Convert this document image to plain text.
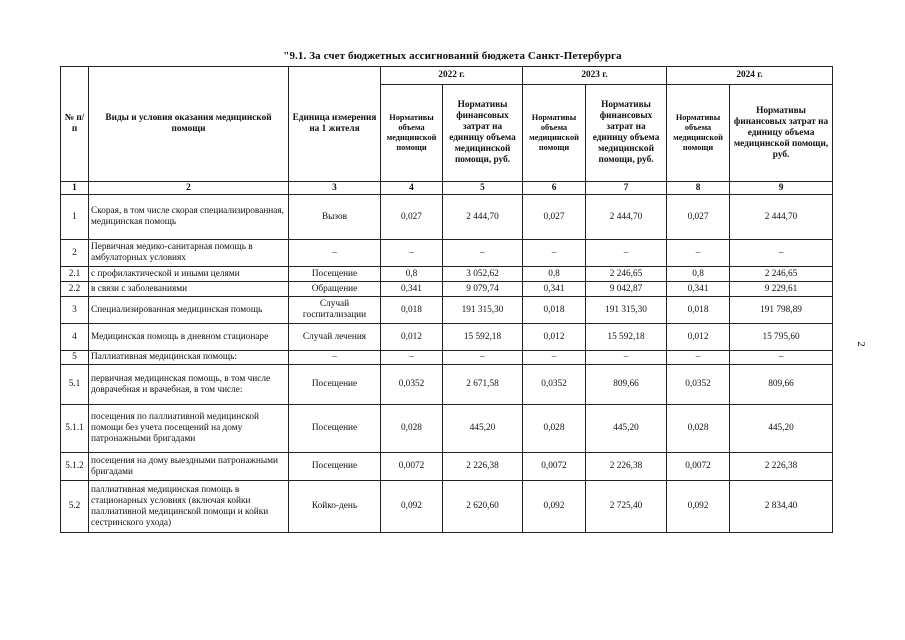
"9.1. За счет бюджетных ассигнований бюджета Санкт-Петербурга
2
№ п/п	Виды и условия оказания медицинской помощи	Единица измерения на 1 жителя	2022 г.		2023 г.		2024 г.	
			Нормативы объема медицинской помощи	Нормативы финансовых затрат на единицу объема медицинской помощи, руб.	Нормативы объема медицинской помощи	Нормативы финансовых затрат на единицу объема медицинской помощи, руб.	Нормативы объема медицинской помощи	Нормативы финансовых затрат на единицу объема медицинской помощи, руб.
1	2	3	4	5	6	7	8	9
1	Скорая, в том числе скорая специализированная, медицинская помощь	Вызов	0,027	2 444,70	0,027	2 444,70	0,027	2 444,70
2	Первичная медико-санитарная помощь в амбулаторных условиях	–	–	–	–	–	–	–
2.1	с профилактической и иными целями	Посещение	0,8	3 052,62	0,8	2 246,65	0,8	2 246,65
2.2	в связи с заболеваниями	Обращение	0,341	9 079,74	0,341	9 042,87	0,341	9 229,61
3	Специализированная медицинская помощь	Случай госпитализации	0,018	191 315,30	0,018	191 315,30	0,018	191 798,89
4	Медицинская помощь в дневном стационаре	Случай лечения	0,012	15 592,18	0,012	15 592,18	0,012	15 795,60
5	Паллиативная медицинская помощь:	–	–	–	–	–	–	–
5.1	первичная медицинская помощь, в том числе доврачебная и врачебная, в том числе:	Посещение	0,0352	2 671,58	0,0352	809,66	0,0352	809,66
5.1.1	посещения по паллиативной медицинской помощи без учета посещений на дому патронажными бригадами	Посещение	0,028	445,20	0,028	445,20	0,028	445,20
5.1.2	посещения на дому выездными патронажными бригадами	Посещение	0,0072	2 226,38	0,0072	2 226,38	0,0072	2 226,38
5.2	паллиативная медицинская помощь в стационарных условиях (включая койки паллиативной медицинской помощи и койки сестринского ухода)	Койко-день	0,092	2 620,60	0,092	2 725,40	0,092	2 834,40
